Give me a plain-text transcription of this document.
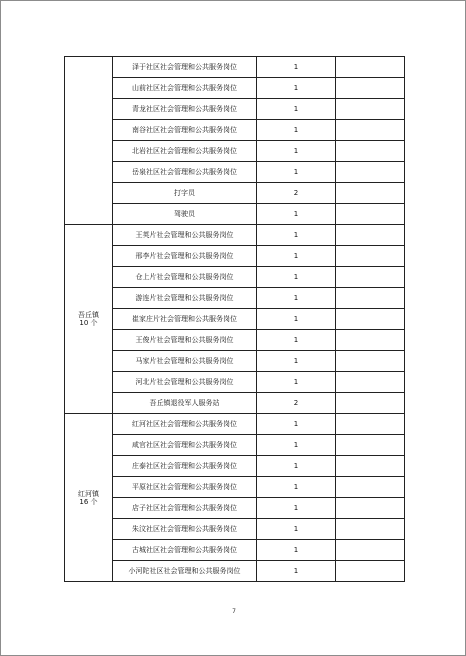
	泽于社区社会管理和公共服务岗位	1	
	山前社区社会管理和公共服务岗位	1	
	青龙社区社会管理和公共服务岗位	1	
	南谷社区社会管理和公共服务岗位	1	
	北岩社区社会管理和公共服务岗位	1	
	岳泉社区社会管理和公共服务岗位	1	
	打字员	2	
	驾驶员	1	

吾丘镇
10 个	王英片社会管理和公共服务岗位	1	
	邢李片社会管理和公共服务岗位	1	
	仓上片社会管理和公共服务岗位	1	
	游连片社会管理和公共服务岗位	1	
	崔家庄片社会管理和公共服务岗位	1	
	王俊片社会管理和公共服务岗位	1	
	马家片社会管理和公共服务岗位	1	
	河北片社会管理和公共服务岗位	1	
	吾丘镇退役军人服务站	2	

红河镇
16 个	红河社区社会管理和公共服务岗位	1	
	咸官社区社会管理和公共服务岗位	1	
	庄泰社区社会管理和公共服务岗位	1	
	平原社区社会管理和公共服务岗位	1	
	店子社区社会管理和公共服务岗位	1	
	朱汶社区社会管理和公共服务岗位	1	
	古城社区社会管理和公共服务岗位	1	
	小河陀社区社会管理和公共服务岗位	1	
7
